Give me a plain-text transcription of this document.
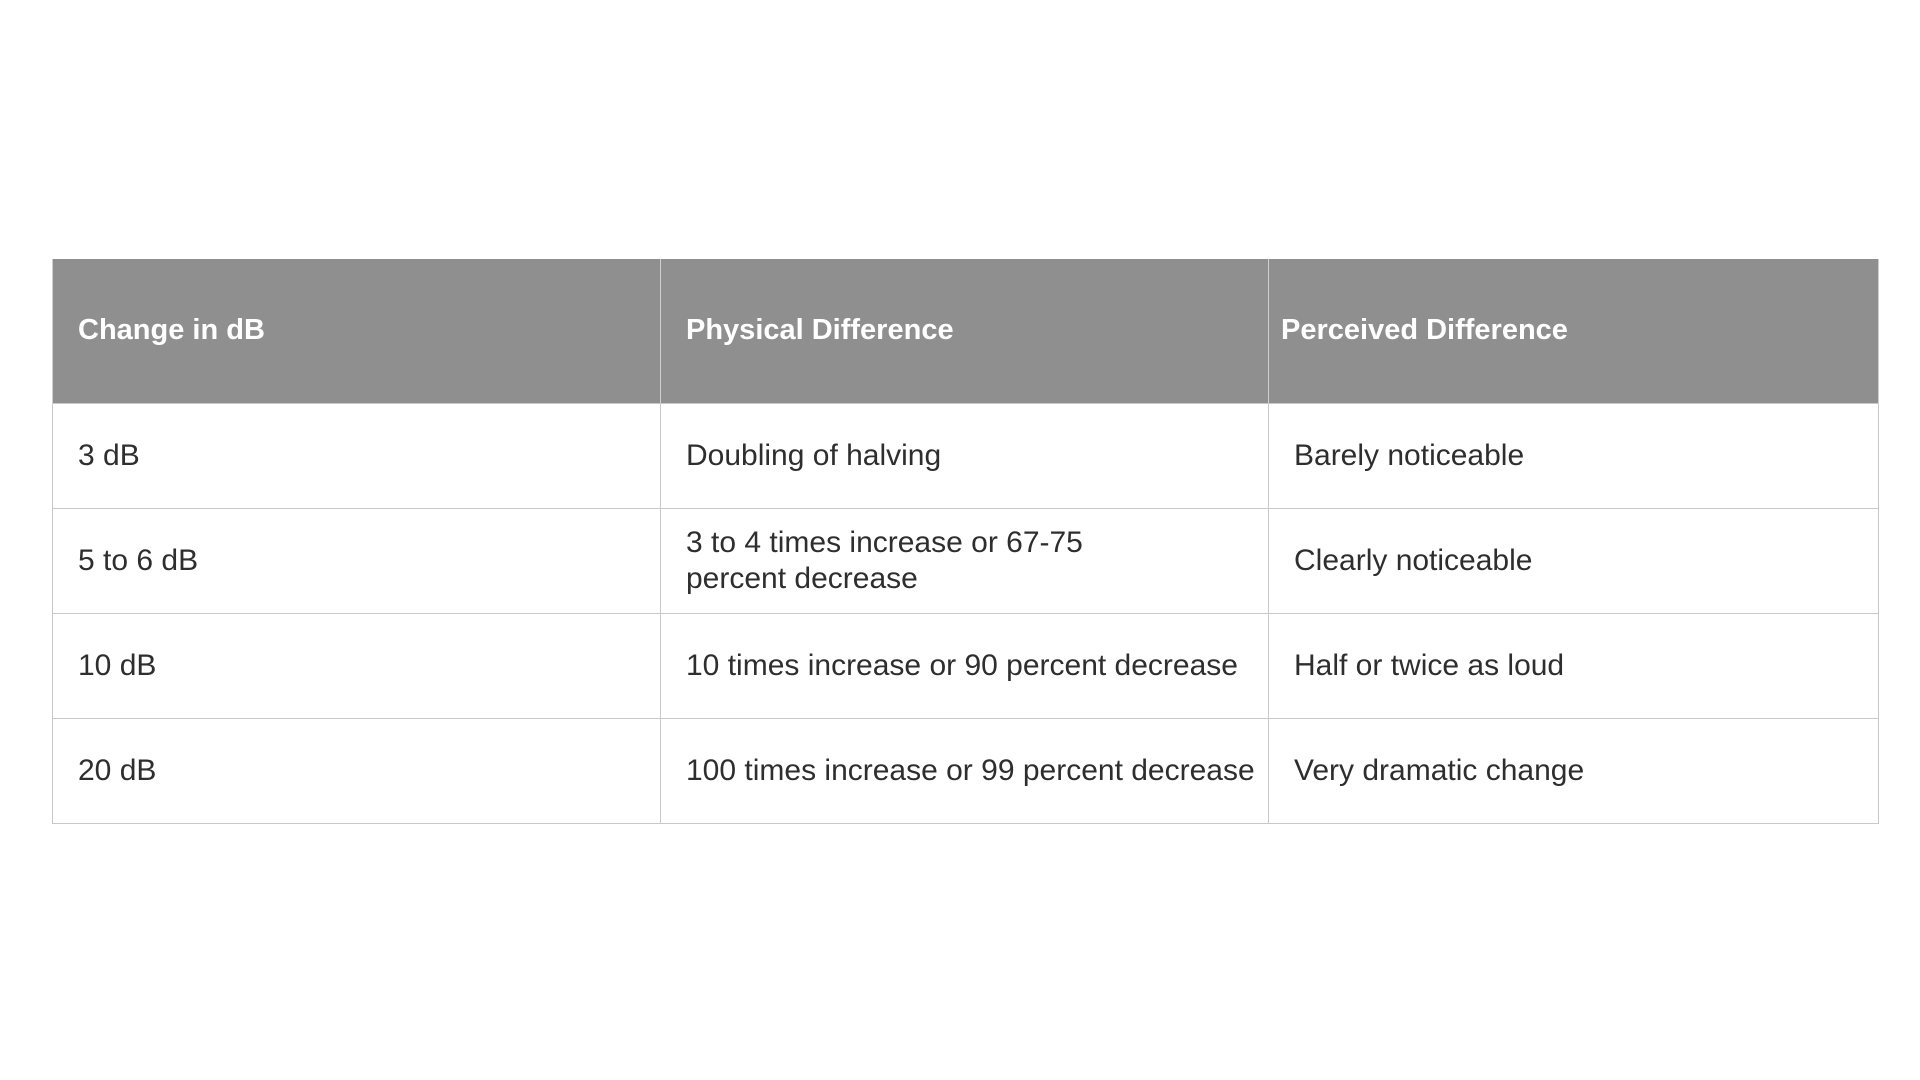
Change in dB	Physical Difference	Perceived Difference
3 dB	Doubling of halving	Barely noticeable
5 to 6 dB	3 to 4 times increase or 67-75 percent decrease	Clearly noticeable
10 dB	10 times increase or 90 percent decrease	Half or twice as loud
20 dB	100 times increase or 99 percent decrease	Very dramatic change
